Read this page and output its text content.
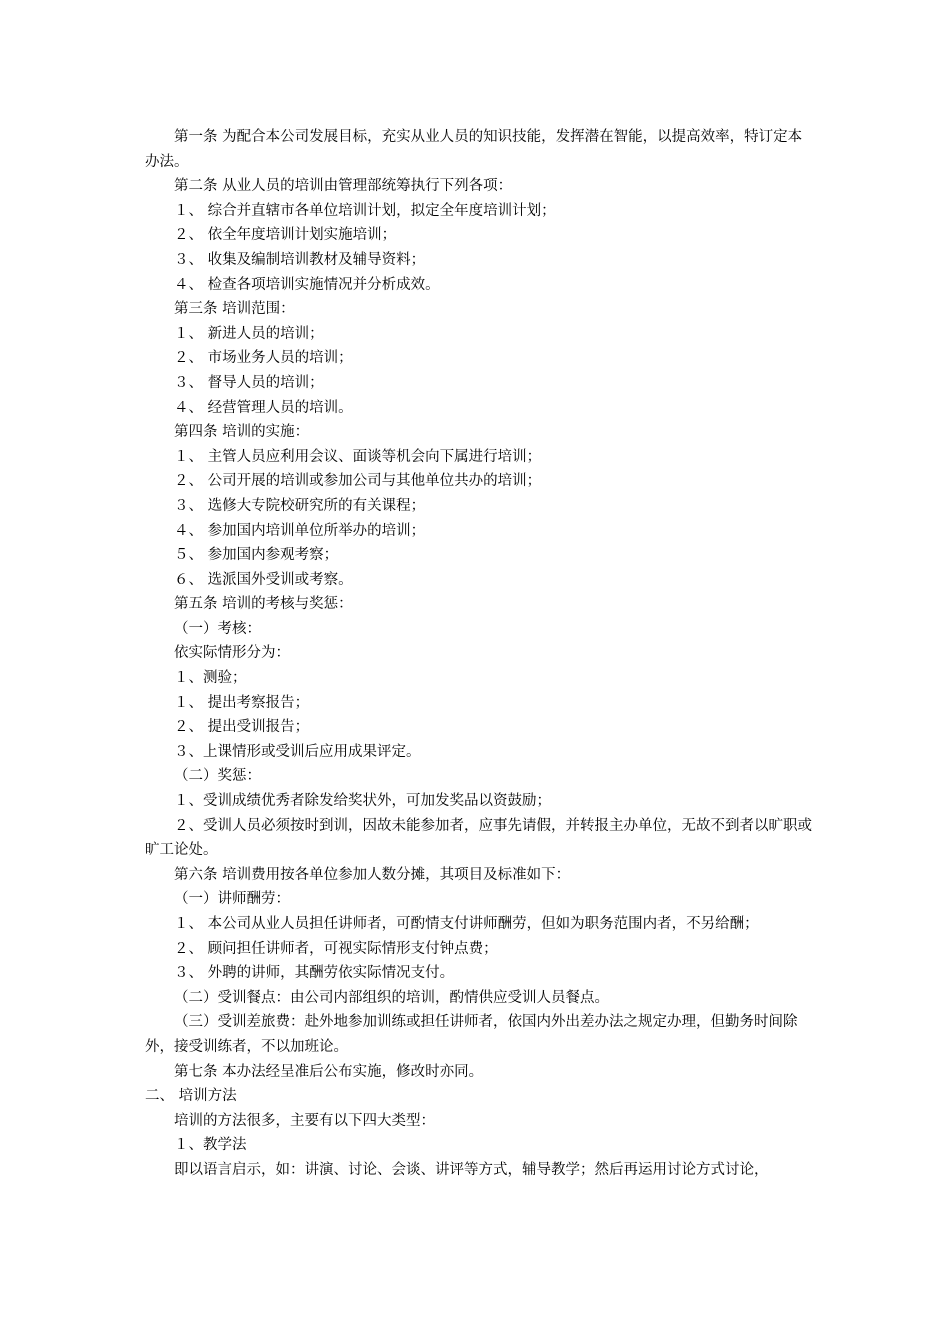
第一条 为配合本公司发展目标，充实从业人员的知识技能，发挥潜在智能，以提高效率，特订定本办法。

第二条 从业人员的培训由管理部统筹执行下列各项：

１、 综合并直辖市各单位培训计划，拟定全年度培训计划；

２、 依全年度培训计划实施培训；

３、 收集及编制培训教材及辅导资料；

４、 检查各项培训实施情况并分析成效。

第三条 培训范围：

１、 新进人员的培训；

２、 市场业务人员的培训；

３、 督导人员的培训；

４、 经营管理人员的培训。

第四条 培训的实施：

１、 主管人员应利用会议、面谈等机会向下属进行培训；

２、 公司开展的培训或参加公司与其他单位共办的培训；

３、 选修大专院校研究所的有关课程；

４、 参加国内培训单位所举办的培训；

５、 参加国内参观考察；

６、 选派国外受训或考察。

第五条 培训的考核与奖惩：

（一）考核：

依实际情形分为：

１、测验；

１、 提出考察报告；

２、 提出受训报告；

３、上课情形或受训后应用成果评定。

（二）奖惩：

１、受训成绩优秀者除发给奖状外，可加发奖品以资鼓励；

２、受训人员必须按时到训，因故未能参加者，应事先请假，并转报主办单位，无故不到者以旷职或旷工论处。

第六条 培训费用按各单位参加人数分摊，其项目及标准如下：

（一）讲师酬劳：

１、 本公司从业人员担任讲师者，可酌情支付讲师酬劳，但如为职务范围内者，不另给酬；

２、 顾问担任讲师者，可视实际情形支付钟点费；

３、 外聘的讲师，其酬劳依实际情况支付。

（二）受训餐点：由公司内部组织的培训，酌情供应受训人员餐点。

（三）受训差旅费：赴外地参加训练或担任讲师者，依国内外出差办法之规定办理，但勤务时间除外，接受训练者，不以加班论。

第七条 本办法经呈准后公布实施，修改时亦同。

二、 培训方法

培训的方法很多，主要有以下四大类型：

１、教学法

即以语言启示，如：讲演、讨论、会谈、讲评等方式，辅导教学；然后再运用讨论方式讨论，
